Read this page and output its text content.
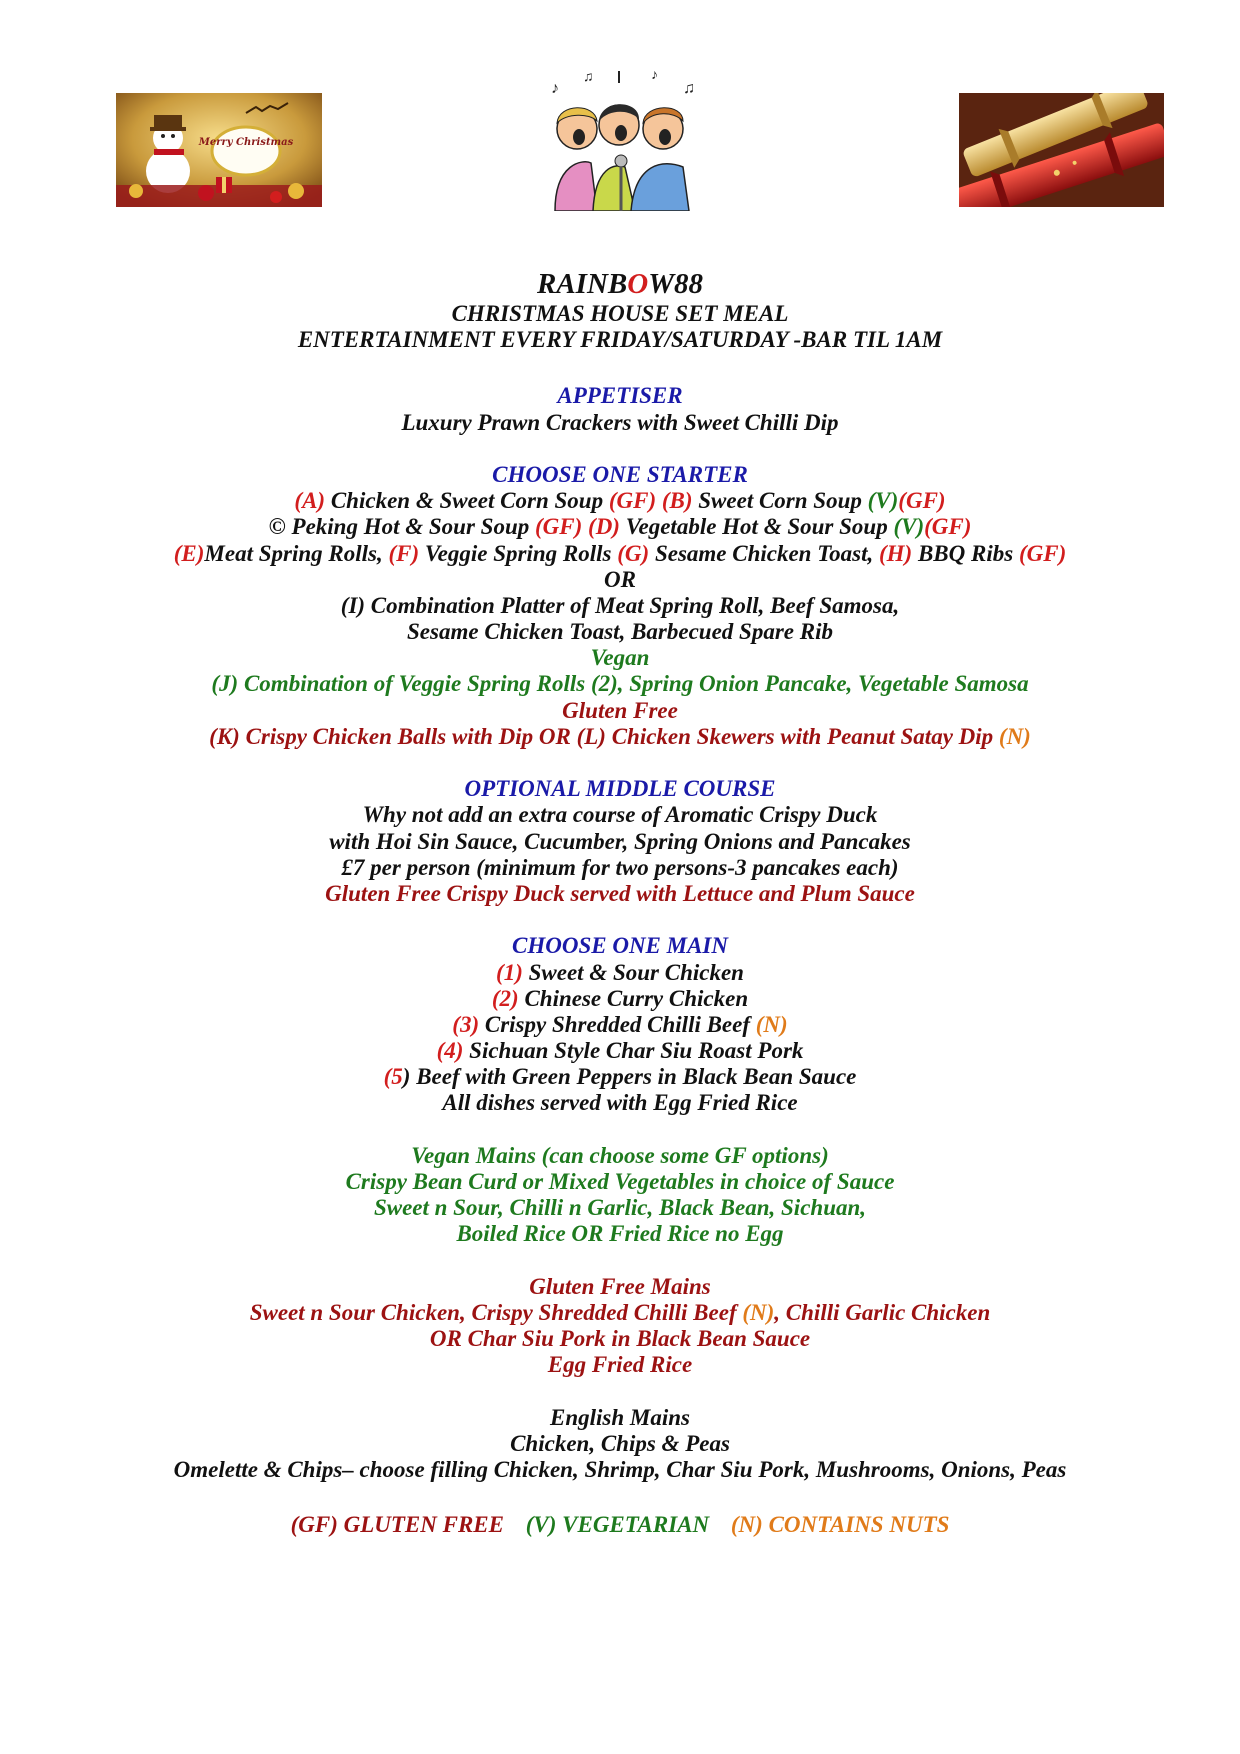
Merry Christmas
♪
♫	♪
♫
RAINBOW88
CHRISTMAS HOUSE SET MEAL
ENTERTAINMENT EVERY FRIDAY/SATURDAY -BAR TIL 1AM
APPETISER
Luxury Prawn Crackers with Sweet Chilli Dip
CHOOSE ONE STARTER
(A) Chicken & Sweet Corn Soup (GF) (B) Sweet Corn Soup (V)(GF)
© Peking Hot & Sour Soup (GF) (D) Vegetable Hot & Sour Soup (V)(GF)
(E)Meat Spring Rolls, (F) Veggie Spring Rolls (G) Sesame Chicken Toast, (H) BBQ Ribs (GF)
OR
(I) Combination Platter of Meat Spring Roll, Beef Samosa,
Sesame Chicken Toast, Barbecued Spare Rib
Vegan
(J) Combination of Veggie Spring Rolls (2), Spring Onion Pancake, Vegetable Samosa
Gluten Free
(K) Crispy Chicken Balls with Dip OR (L) Chicken Skewers with Peanut Satay Dip (N)
OPTIONAL MIDDLE COURSE
Why not add an extra course of Aromatic Crispy Duck
with Hoi Sin Sauce, Cucumber, Spring Onions and Pancakes
£7 per person (minimum for two persons-3 pancakes each)
Gluten Free Crispy Duck served with Lettuce and Plum Sauce
CHOOSE ONE MAIN
(1) Sweet & Sour Chicken
(2) Chinese Curry Chicken
(3) Crispy Shredded Chilli Beef (N)
(4) Sichuan Style Char Siu Roast Pork
(5) Beef with Green Peppers in Black Bean Sauce
All dishes served with Egg Fried Rice
Vegan Mains (can choose some GF options)
Crispy Bean Curd or Mixed Vegetables in choice of Sauce
Sweet n Sour, Chilli n Garlic, Black Bean, Sichuan,
Boiled Rice OR Fried Rice no Egg
Gluten Free Mains
Sweet n Sour Chicken, Crispy Shredded Chilli Beef (N), Chilli Garlic Chicken
OR Char Siu Pork in Black Bean Sauce
Egg Fried Rice
English Mains
Chicken, Chips & Peas
Omelette & Chips– choose filling Chicken, Shrimp, Char Siu Pork, Mushrooms, Onions, Peas
(GF) GLUTEN FREE (V) VEGETARIAN (N) CONTAINS NUTS
